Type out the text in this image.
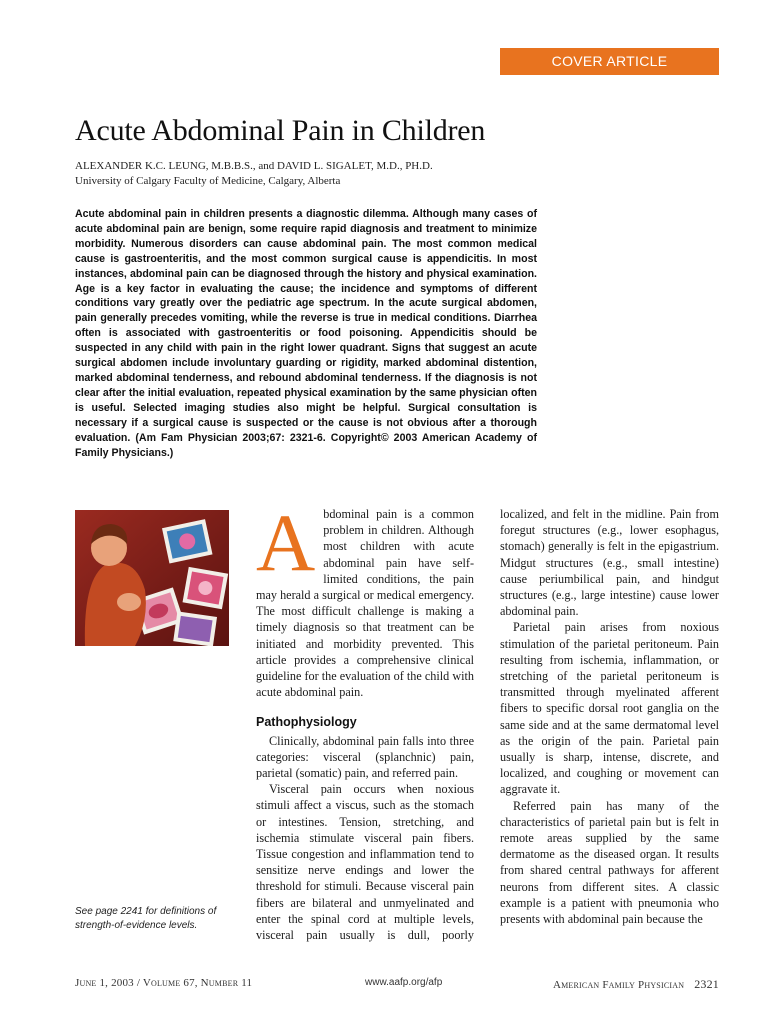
COVER ARTICLE
Acute Abdominal Pain in Children
ALEXANDER K.C. LEUNG, M.B.B.S., and DAVID L. SIGALET, M.D., PH.D.
University of Calgary Faculty of Medicine, Calgary, Alberta

Acute abdominal pain in children presents a diagnostic dilemma. Although many cases of acute abdominal pain are benign, some require rapid diagnosis and treatment to minimize morbidity. Numerous disorders can cause abdominal pain. The most common medical cause is gastroenteritis, and the most common surgical cause is appendicitis. In most instances, abdominal pain can be diagnosed through the history and physical examination. Age is a key factor in evaluating the cause; the incidence and symptoms of different conditions vary greatly over the pediatric age spectrum. In the acute surgical abdomen, pain generally precedes vomiting, while the reverse is true in medical conditions. Diarrhea often is associated with gastroenteritis or food poisoning. Appendicitis should be suspected in any child with pain in the right lower quadrant. Signs that suggest an acute surgical abdomen include involuntary guarding or rigidity, marked abdominal distention, marked abdominal tenderness, and rebound abdominal tenderness. If the diagnosis is not clear after the initial evaluation, repeated physical examination by the same physician often is useful. Selected imaging studies also might be helpful. Surgical consultation is necessary if a surgical cause is suspected or the cause is not obvious after a thorough evaluation. (Am Fam Physician 2003;67: 2321-6. Copyright© 2003 American Academy of Family Physicians.)

See page 2241 for definitions of strength-of-evidence levels.
A bdominal pain is a common problem in children. Although most children with acute abdominal pain have self-limited conditions, the pain may herald a surgical or medical emergency. The most difficult challenge is making a timely diagnosis so that treatment can be initiated and morbidity prevented. This article provides a comprehensive clinical guideline for the evaluation of the child with acute abdominal pain.

Pathophysiology

Clinically, abdominal pain falls into three categories: visceral (splanchnic) pain, parietal (somatic) pain, and referred pain.

Visceral pain occurs when noxious stimuli affect a viscus, such as the stomach or intestines. Tension, stretching, and ischemia stimulate visceral pain fibers. Tissue congestion and inflammation tend to sensitize nerve endings and lower the threshold for stimuli. Because visceral pain fibers are bilateral and unmyelinated and enter the spinal cord at multiple levels, visceral pain usually is dull, poorly

localized, and felt in the midline. Pain from foregut structures (e.g., lower esophagus, stomach) generally is felt in the epigastrium. Midgut structures (e.g., small intestine) cause periumbilical pain, and hindgut structures (e.g., large intestine) cause lower abdominal pain.

Parietal pain arises from noxious stimulation of the parietal peritoneum. Pain resulting from ischemia, inflammation, or stretching of the parietal peritoneum is transmitted through myelinated afferent fibers to specific dorsal root ganglia on the same side and at the same dermatomal level as the origin of the pain. Parietal pain usually is sharp, intense, discrete, and localized, and coughing or movement can aggravate it.

Referred pain has many of the characteristics of parietal pain but is felt in remote areas supplied by the same dermatome as the diseased organ. It results from shared central pathways for afferent neurons from different sites. A classic example is a patient with pneumonia who presents with abdominal pain because the

June 1, 2003 / Volume 67, Number 11	www.aafp.org/afp	American Family Physician 2321
